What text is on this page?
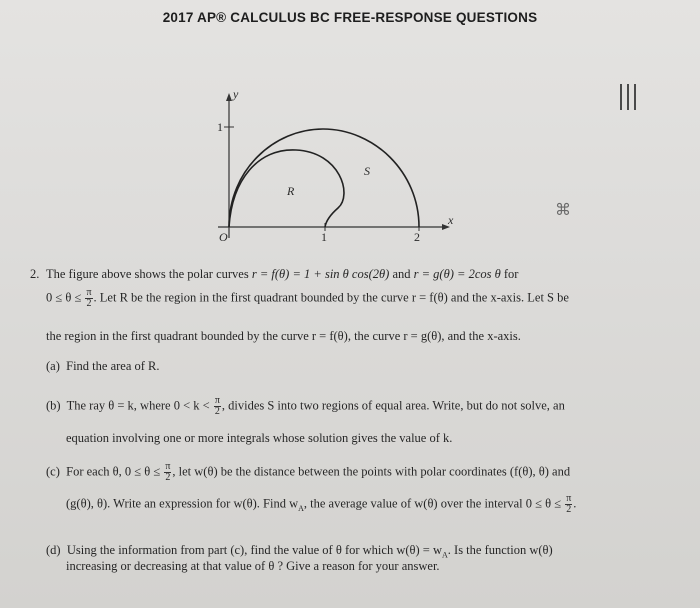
2017 AP® CALCULUS BC FREE-RESPONSE QUESTIONS
⌘
y
x
1
1	2
O
R
S
2. The figure above shows the polar curves r = f(θ) = 1 + sin θ cos(2θ) and r = g(θ) = 2cos θ for
$0 \le \theta \le \frac{\pi}{2}$ . Let R be the region in the first quadrant bounded by the curve r = f(θ) and the x-axis. Let S be
the region in the first quadrant bounded by the curve r = f(θ), the curve r = g(θ), and the x-axis.
(a) Find the area of R.
(b) The ray θ = k, where $0 < k < \frac{\pi}{2}$ , divides S into two regions of equal area. Write, but do not solve, an
equation involving one or more integrals whose solution gives the value of k.
(c) For each θ, $0 \le \theta \le \frac{\pi}{2}$ , let w(θ) be the distance between the points with polar coordinates (f(θ), θ) and
(g(θ), θ). Write an expression for w(θ). Find $w_A$, the average value of w(θ) over the interval $0 \le \theta \le \frac{\pi}{2}$ .
(d) Using the information from part (c), find the value of θ for which $w(\theta) = w_A$. Is the function w(θ)
increasing or decreasing at that value of θ ? Give a reason for your answer.
